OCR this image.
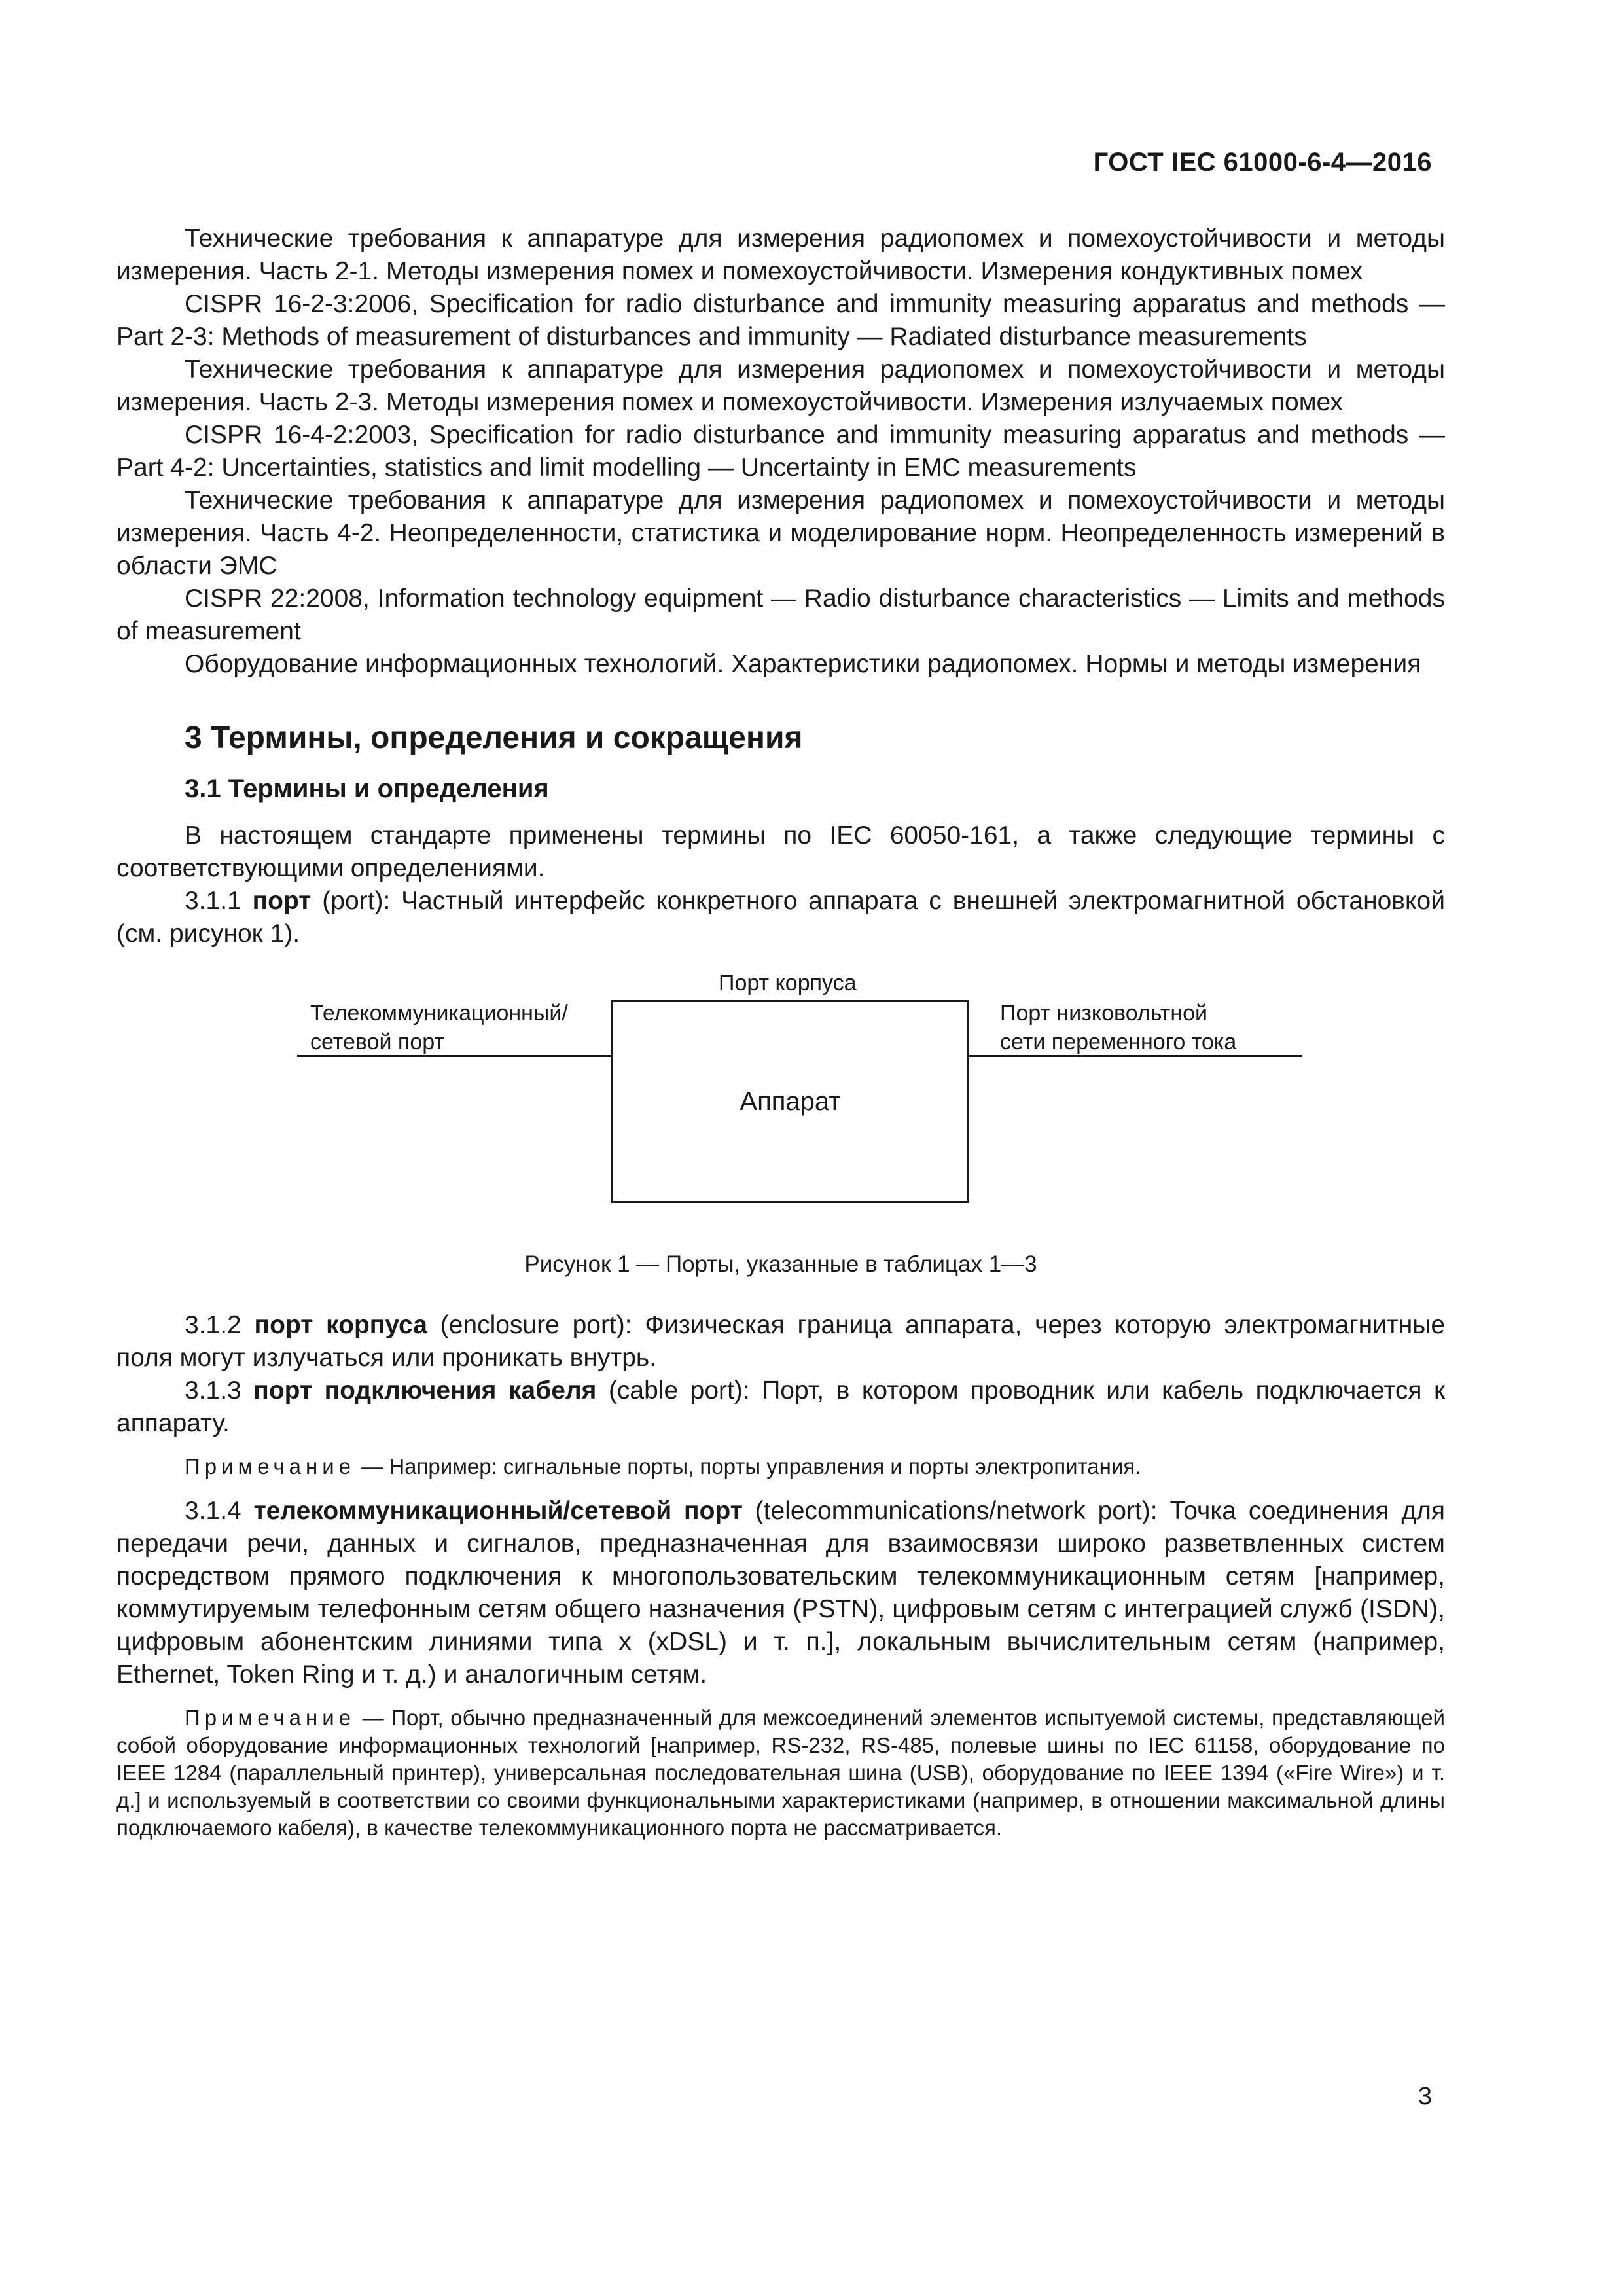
ГОСТ IEC 61000-6-4—2016

Технические требования к аппаратуре для измерения радиопомех и помехоустойчивости и методы измерения. Часть 2-1. Методы измерения помех и помехоустойчивости. Измерения кондуктивных помех

CISPR 16-2-3:2006, Specification for radio disturbance and immunity measuring apparatus and methods — Part 2-3: Methods of measurement of disturbances and immunity — Radiated disturbance measurements

Технические требования к аппаратуре для измерения радиопомех и помехоустойчивости и методы измерения. Часть 2-3. Методы измерения помех и помехоустойчивости. Измерения излучаемых помех

CISPR 16-4-2:2003, Specification for radio disturbance and immunity measuring apparatus and methods — Part 4-2: Uncertainties, statistics and limit modelling — Uncertainty in EMC measurements

Технические требования к аппаратуре для измерения радиопомех и помехоустойчивости и методы измерения. Часть 4-2. Неопределенности, статистика и моделирование норм. Неопределенность измерений в области ЭМС

CISPR 22:2008, Information technology equipment — Radio disturbance characteristics — Limits and methods of measurement

Оборудование информационных технологий. Характеристики радиопомех. Нормы и методы измерения

3 Термины, определения и сокращения
3.1 Термины и определения

В настоящем стандарте применены термины по IEC 60050-161, а также следующие термины с соответствующими определениями.

3.1.1 порт (port): Частный интерфейс конкретного аппарата с внешней электромагнитной обстановкой (см. рисунок 1).

Порт корпуса
Телекоммуникационный/
сетевой порт
Порт низковольтной
сети переменного тока
Аппарат

Рисунок 1 — Порты, указанные в таблицах 1—3

3.1.2 порт корпуса (enclosure port): Физическая граница аппарата, через которую электромагнитные поля могут излучаться или проникать внутрь.

3.1.3 порт подключения кабеля (cable port): Порт, в котором проводник или кабель подключается к аппарату.

Примечание — Например: сигнальные порты, порты управления и порты электропитания.

3.1.4 телекоммуникационный/сетевой порт (telecommunications/network port): Точка соединения для передачи речи, данных и сигналов, предназначенная для взаимосвязи широко разветвленных систем посредством прямого подключения к многопользовательским телекоммуникационным сетям [например, коммутируемым телефонным сетям общего назначения (PSTN), цифровым сетям с интеграцией служб (ISDN), цифровым абонентским линиями типа x (xDSL) и т. п.], локальным вычислительным сетям (например, Ethernet, Token Ring и т. д.) и аналогичным сетям.

Примечание — Порт, обычно предназначенный для межсоединений элементов испытуемой системы, представляющей собой оборудование информационных технологий [например, RS-232, RS-485, полевые шины по IEC 61158, оборудование по IEEE 1284 (параллельный принтер), универсальная последовательная шина (USB), оборудование по IEEE 1394 («Fire Wire») и т. д.] и используемый в соответствии со своими функциональными характеристиками (например, в отношении максимальной длины подключаемого кабеля), в качестве телекоммуникационного порта не рассматривается.

3
